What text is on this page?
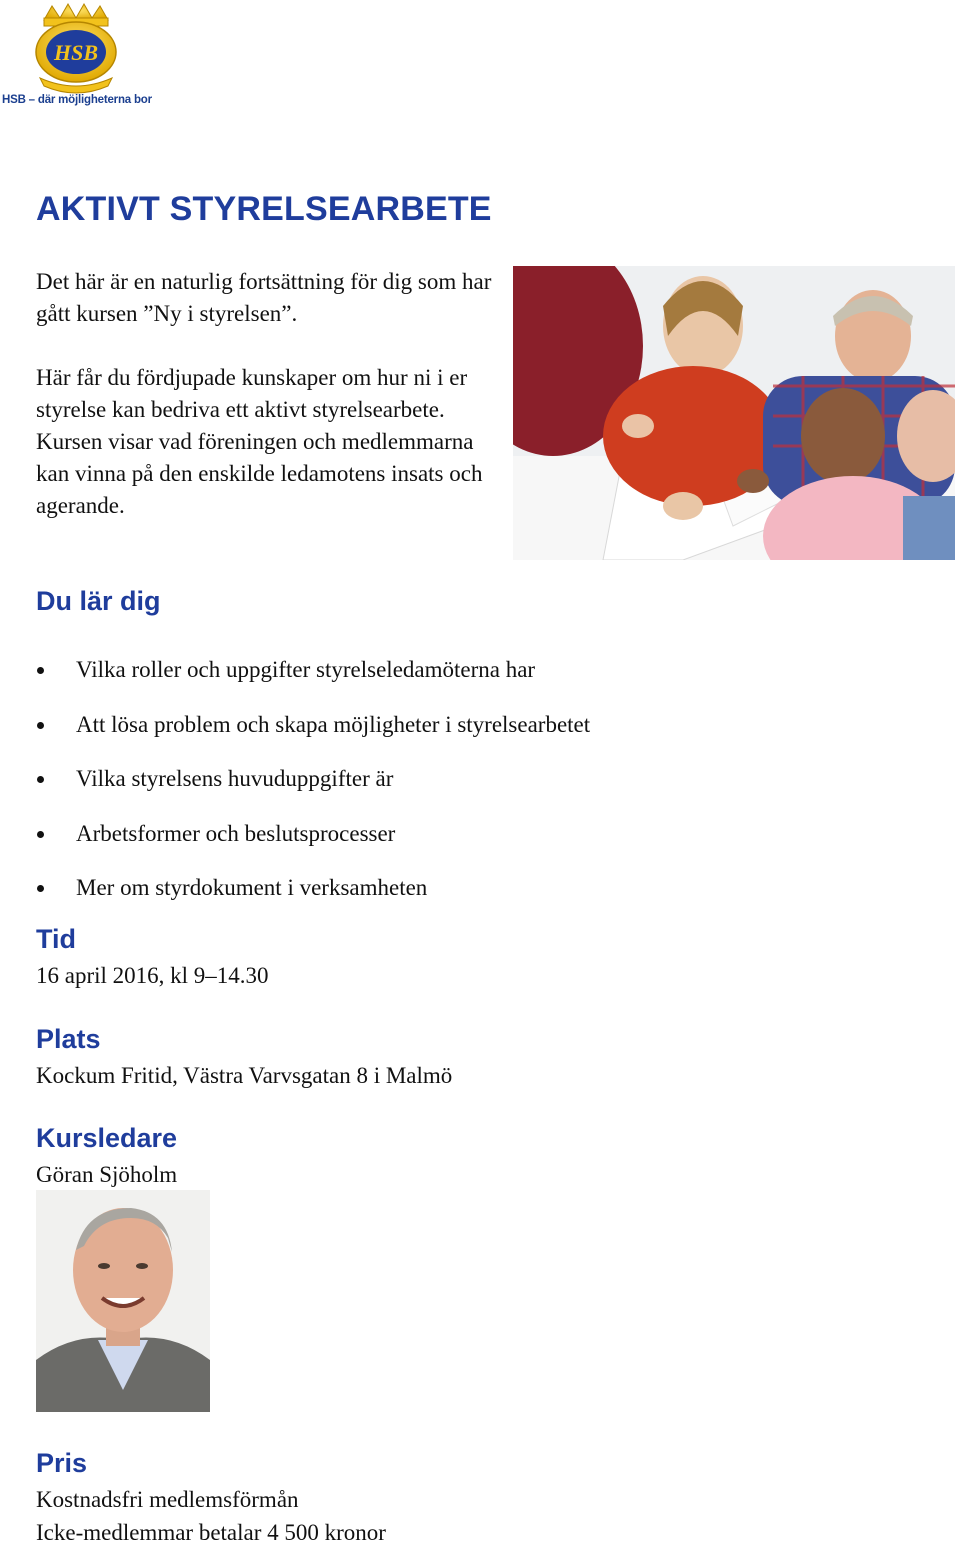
HSB
HSB – där möjligheterna bor
AKTIVT STYRELSEARBETE

Det här är en naturlig fortsättning för dig som har gått kursen ”Ny i styrelsen”.

Här får du fördjupade kunskaper om hur ni i er styrelse kan bedriva ett aktivt styrelsearbete. Kursen visar vad föreningen och medlemmarna kan vinna på den enskilde ledamotens insats och agerande.

Du lär dig
Vilka roller och uppgifter styrelseledamöterna har
Att lösa problem och skapa möjligheter i styrelsearbetet
Vilka styrelsens huvuduppgifter är
Arbetsformer och beslutsprocesser
Mer om styrdokument i verksamheten
Tid

16 april 2016, kl 9–14.30

Plats

Kockum Fritid, Västra Varvsgatan 8 i Malmö

Kursledare

Göran Sjöholm

Pris

Kostnadsfri medlemsförmån

Icke-medlemmar betalar 4 500 kronor
